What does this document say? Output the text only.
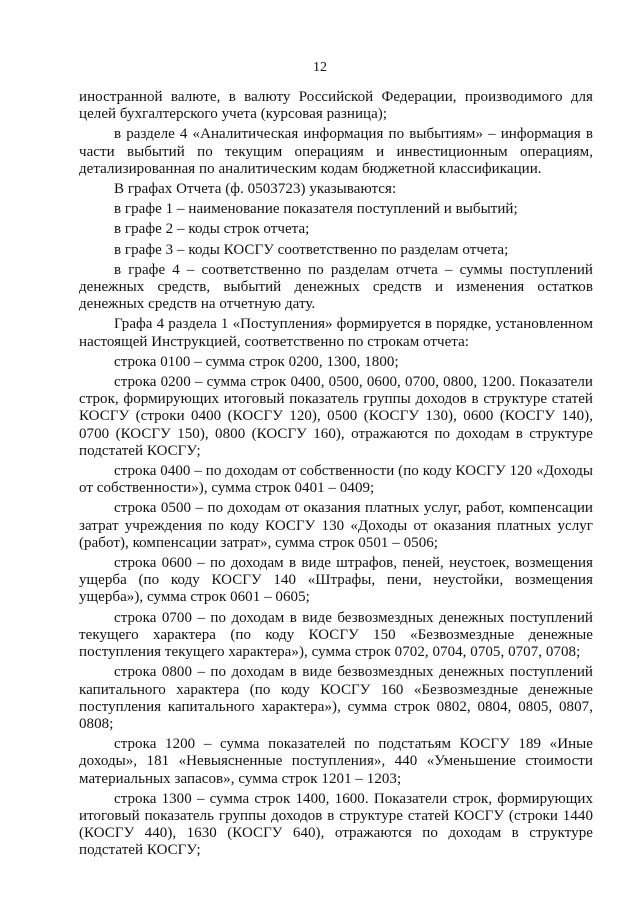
12

иностранной валюте, в валюту Российской Федерации, производимого для целей бухгалтерского учета (курсовая разница);

в разделе 4 «Аналитическая информация по выбытиям» – информация в части выбытий по текущим операциям и инвестиционным операциям, детализированная по аналитическим кодам бюджетной классификации.

В графах Отчета (ф. 0503723) указываются:

в графе 1 – наименование показателя поступлений и выбытий;

в графе 2 – коды строк отчета;

в графе 3 – коды КОСГУ соответственно по разделам отчета;

в графе 4 – соответственно по разделам отчета – суммы поступлений денежных средств, выбытий денежных средств и изменения остатков денежных средств на отчетную дату.

Графа 4 раздела 1 «Поступления» формируется в порядке, установленном настоящей Инструкцией, соответственно по строкам отчета:

строка 0100 – сумма строк 0200, 1300, 1800;

строка 0200 – сумма строк 0400, 0500, 0600, 0700, 0800, 1200. Показатели строк, формирующих итоговый показатель группы доходов в структуре статей КОСГУ (строки 0400 (КОСГУ 120), 0500 (КОСГУ 130), 0600 (КОСГУ 140), 0700 (КОСГУ 150), 0800 (КОСГУ 160), отражаются по доходам в структуре подстатей КОСГУ;

строка 0400 – по доходам от собственности (по коду КОСГУ 120 «Доходы от собственности»), сумма строк 0401 – 0409;

строка 0500 – по доходам от оказания платных услуг, работ, компенсации затрат учреждения по коду КОСГУ 130 «Доходы от оказания платных услуг (работ), компенсации затрат», сумма строк 0501 – 0506;

строка 0600 – по доходам в виде штрафов, пеней, неустоек, возмещения ущерба (по коду КОСГУ 140 «Штрафы, пени, неустойки, возмещения ущерба»), сумма строк 0601 – 0605;

строка 0700 – по доходам в виде безвозмездных денежных поступлений текущего характера (по коду КОСГУ 150 «Безвозмездные денежные поступления текущего характера»), сумма строк 0702, 0704, 0705, 0707, 0708;

строка 0800 – по доходам в виде безвозмездных денежных поступлений капитального характера (по коду КОСГУ 160 «Безвозмездные денежные поступления капитального характера»), сумма строк 0802, 0804, 0805, 0807, 0808;

строка 1200 – сумма показателей по подстатьям КОСГУ 189 «Иные доходы», 181 «Невыясненные поступления», 440 «Уменьшение стоимости материальных запасов», сумма строк 1201 – 1203;

строка 1300 – сумма строк 1400, 1600. Показатели строк, формирующих итоговый показатель группы доходов в структуре статей КОСГУ (строки 1440 (КОСГУ 440), 1630 (КОСГУ 640), отражаются по доходам в структуре подстатей КОСГУ;
